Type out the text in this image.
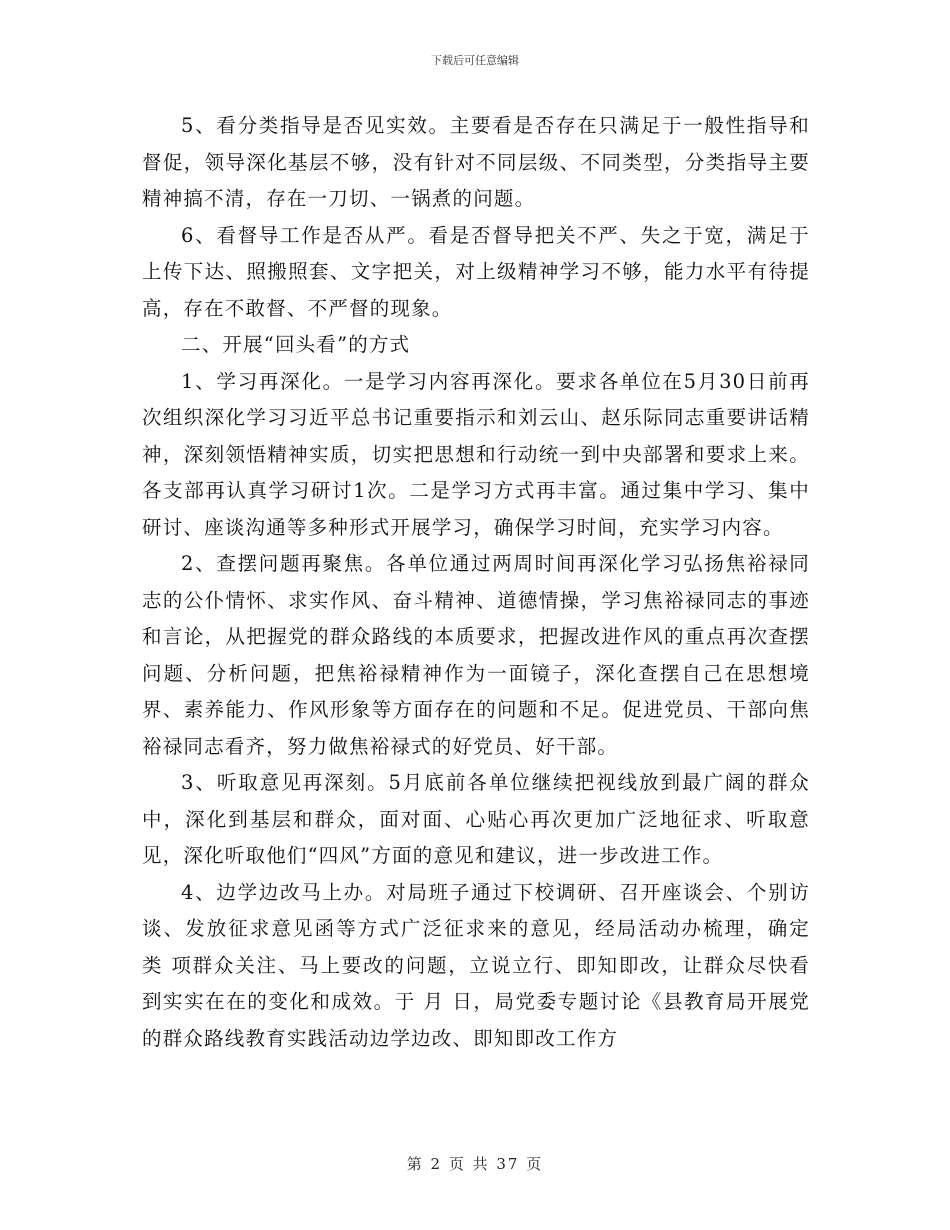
下载后可任意编辑

5、看分类指导是否见实效。主要看是否存在只满足于一般性指导和督促，领导深化基层不够，没有针对不同层级、不同类型，分类指导主要精神搞不清，存在一刀切、一锅煮的问题。

6、看督导工作是否从严。看是否督导把关不严、失之于宽，满足于上传下达、照搬照套、文字把关，对上级精神学习不够，能力水平有待提高，存在不敢督、不严督的现象。

二、开展“回头看”的方式

1、学习再深化。一是学习内容再深化。要求各单位在5月30日前再次组织深化学习习近平总书记重要指示和刘云山、赵乐际同志重要讲话精神，深刻领悟精神实质，切实把思想和行动统一到中央部署和要求上来。各支部再认真学习研讨1次。二是学习方式再丰富。通过集中学习、集中研讨、座谈沟通等多种形式开展学习，确保学习时间，充实学习内容。

2、查摆问题再聚焦。各单位通过两周时间再深化学习弘扬焦裕禄同志的公仆情怀、求实作风、奋斗精神、道德情操，学习焦裕禄同志的事迹和言论，从把握党的群众路线的本质要求，把握改进作风的重点再次查摆问题、分析问题，把焦裕禄精神作为一面镜子，深化查摆自己在思想境界、素养能力、作风形象等方面存在的问题和不足。促进党员、干部向焦裕禄同志看齐，努力做焦裕禄式的好党员、好干部。

3、听取意见再深刻。5月底前各单位继续把视线放到最广阔的群众中，深化到基层和群众，面对面、心贴心再次更加广泛地征求、听取意见，深化听取他们“四风”方面的意见和建议，进一步改进工作。

4、边学边改马上办。对局班子通过下校调研、召开座谈会、个别访谈、发放征求意见函等方式广泛征求来的意见，经局活动办梳理，确定 类 项群众关注、马上要改的问题，立说立行、即知即改，让群众尽快看到实实在在的变化和成效。于 月 日，局党委专题讨论《县教育局开展党的群众路线教育实践活动边学边改、即知即改工作方

第 2 页 共 37 页
